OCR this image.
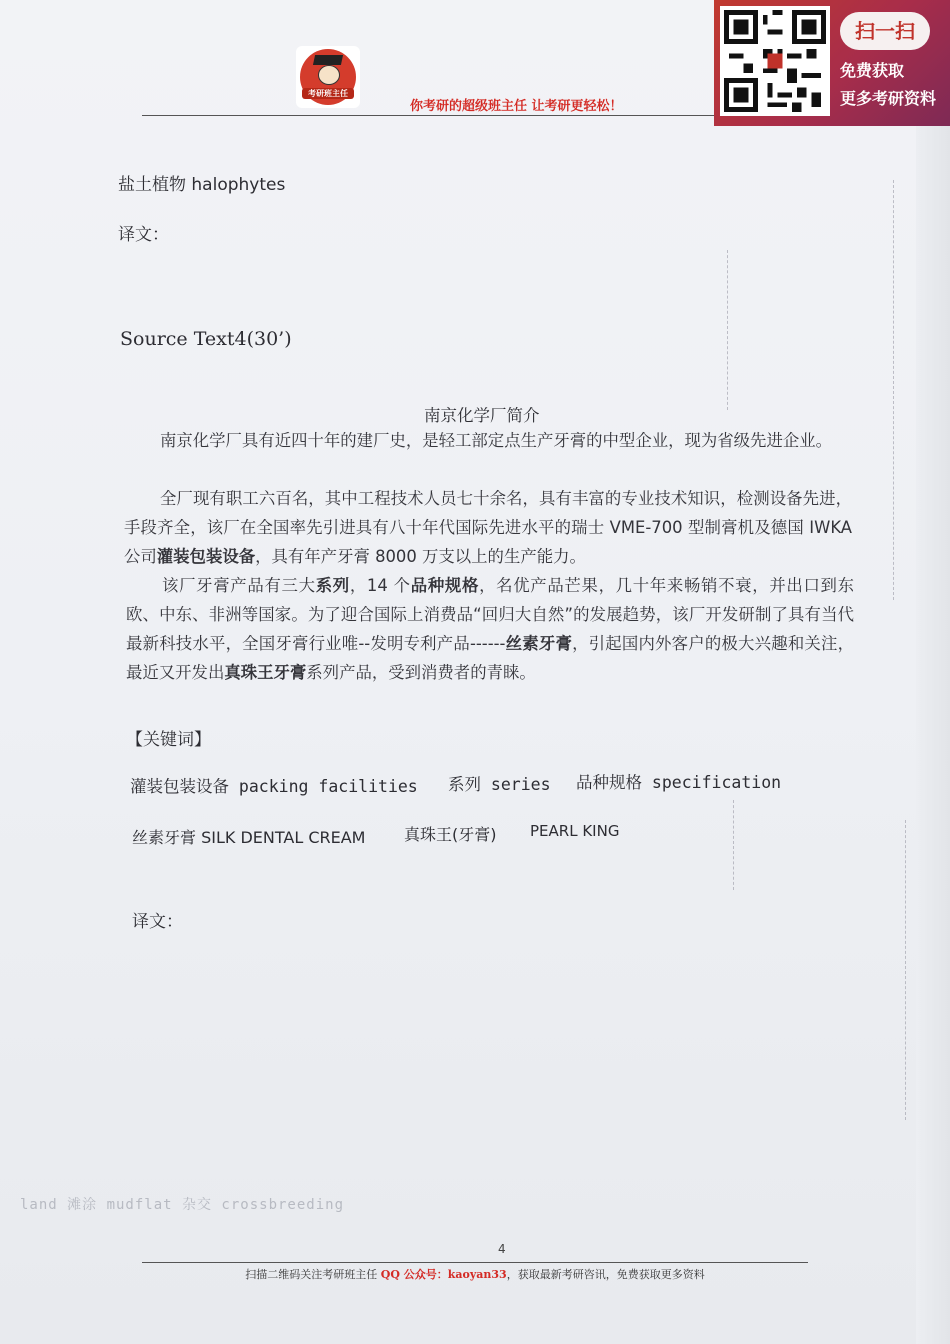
考研班主任
你考研的超级班主任 让考研更轻松！
扫一扫
免费获取
更多考研资料
盐土植物 halophytes
译文：
Source Text4(30’)
南京化学厂简介
南京化学厂具有近四十年的建厂史，是轻工部定点生产牙膏的中型企业，现为省级先进企业。
全厂现有职工六百名，其中工程技术人员七十余名，具有丰富的专业技术知识，检测设备先进，手段齐全，该厂在全国率先引进具有八十年代国际先进水平的瑞士 VME-700 型制膏机及德国 IWKA 公司灌装包装设备，具有年产牙膏 8000 万支以上的生产能力。
该厂牙膏产品有三大系列，14 个品种规格，名优产品芒果，几十年来畅销不衰，并出口到东欧、中东、非洲等国家。为了迎合国际上消费品“回归大自然”的发展趋势，该厂开发研制了具有当代最新科技水平，全国牙膏行业唯--发明专利产品------丝素牙膏，引起国内外客户的极大兴趣和关注，最近又开发出真珠王牙膏系列产品，受到消费者的青睐。
【关键词】
灌装包装设备 packing facilities 系列 series 品种规格 specification
丝素牙膏 SILK DENTAL CREAM 真珠王(牙膏) PEARL KING
译文：
land 滩涂 mudflat 杂交 crossbreeding
4
扫描二维码关注考研班主任 QQ 公众号：kaoyan33，获取最新考研咨讯，免费获取更多资料
